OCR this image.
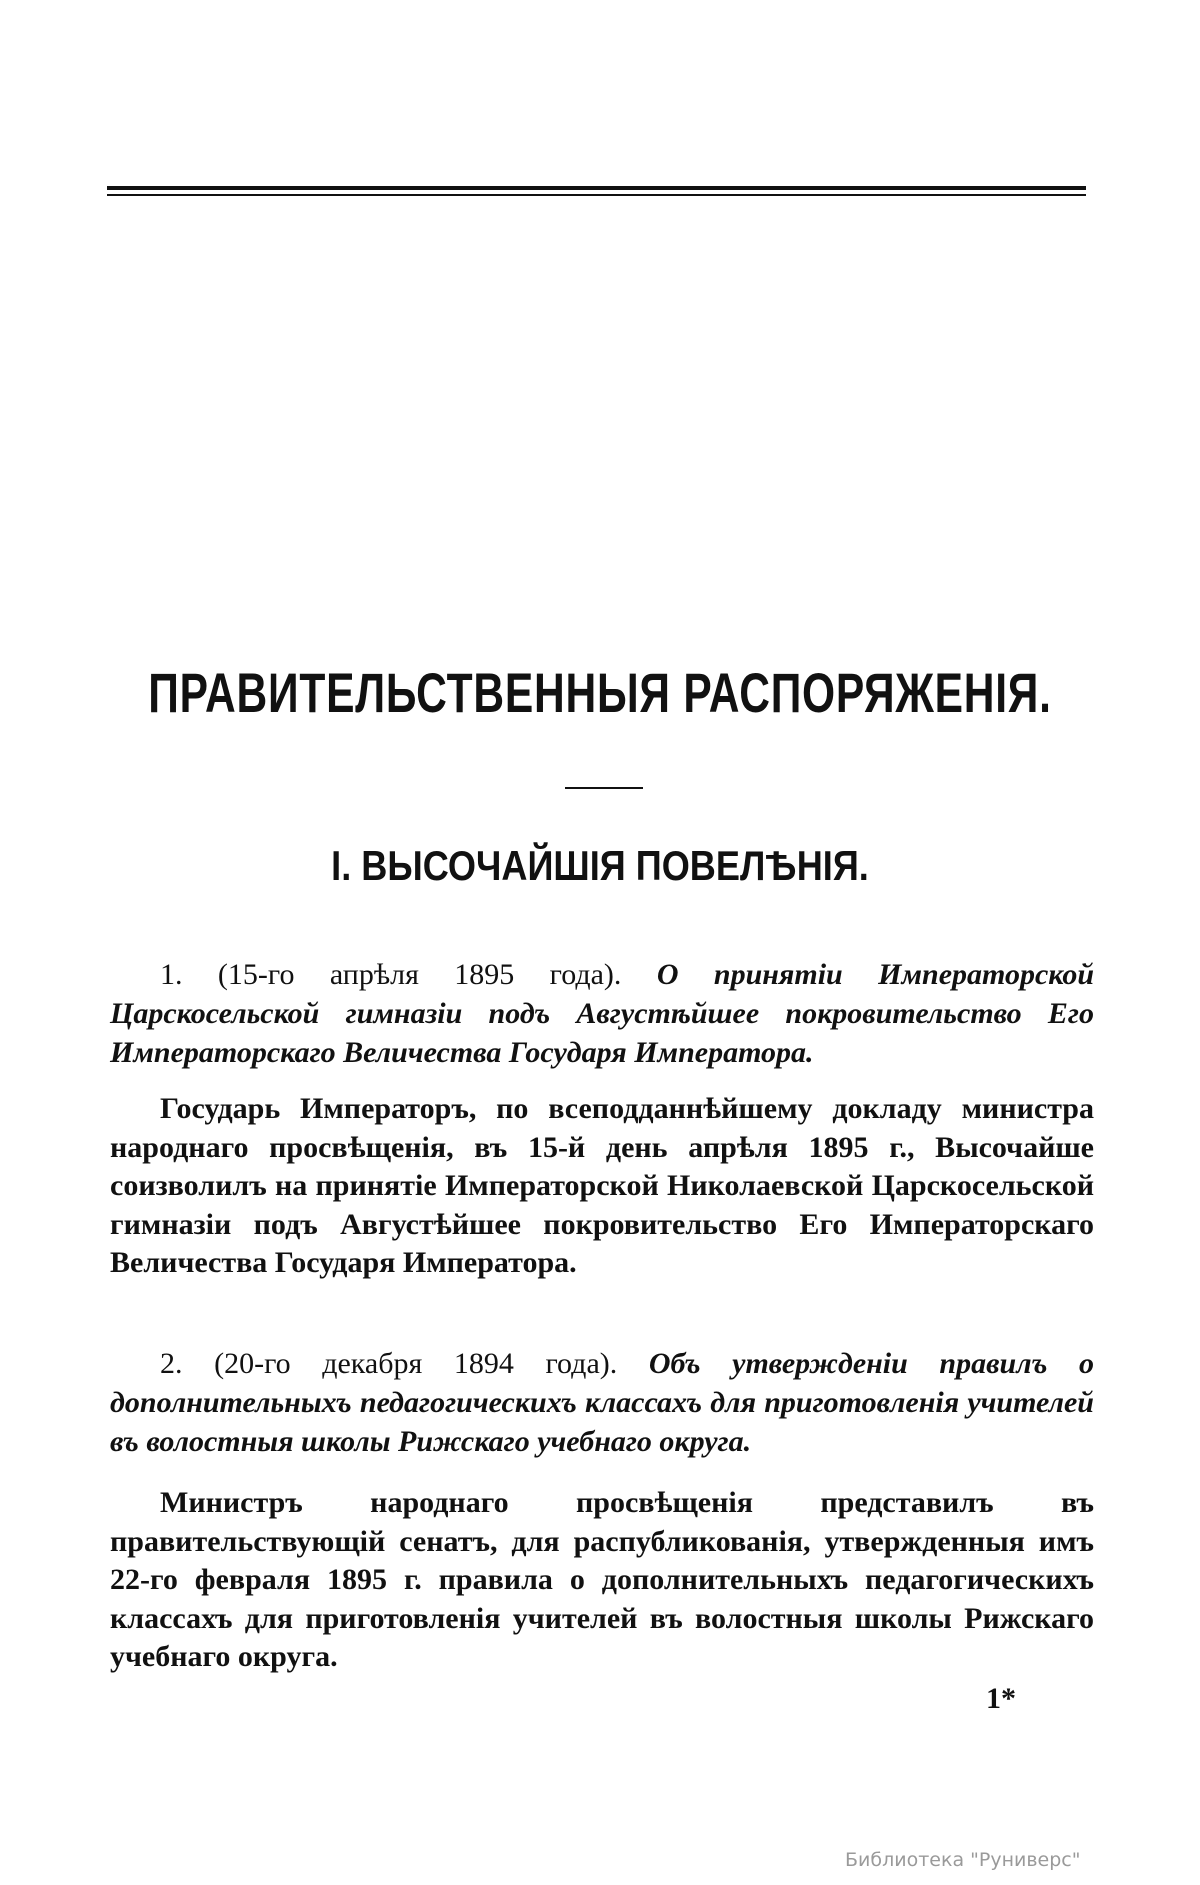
ПРАВИТЕЛЬСТВЕННЫЯ РАСПОРЯЖЕНІЯ.
I. ВЫСОЧАЙШІЯ ПОВЕЛѢНІЯ.

1. (15-го апрѣля 1895 года). О принятіи Императорской Царскосельской гимназіи подъ Августѣйшее покровительство Его Императорскаго Величества Государя Императора.

Государь Императоръ, по всеподданнѣйшему докладу министра народнаго просвѣщенія, въ 15-й день апрѣля 1895 г., Высочайше соизволилъ на принятіе Императорской Николаевской Царскосельской гимназіи подъ Августѣйшее покровительство Его Императорскаго Величества Государя Императора.

2. (20-го декабря 1894 года). Объ утвержденіи правилъ о дополнительныхъ педагогическихъ классахъ для приготовленія учителей въ волостныя школы Рижскаго учебнаго округа.

Министръ народнаго просвѣщенія представилъ въ правительствующій сенатъ, для распубликованія, утвержденныя имъ 22-го февраля 1895 г. правила о дополнительныхъ педагогическихъ классахъ для приготовленія учителей въ волостныя школы Рижскаго учебнаго округа.

1*
Библиотека "Руниверс"
